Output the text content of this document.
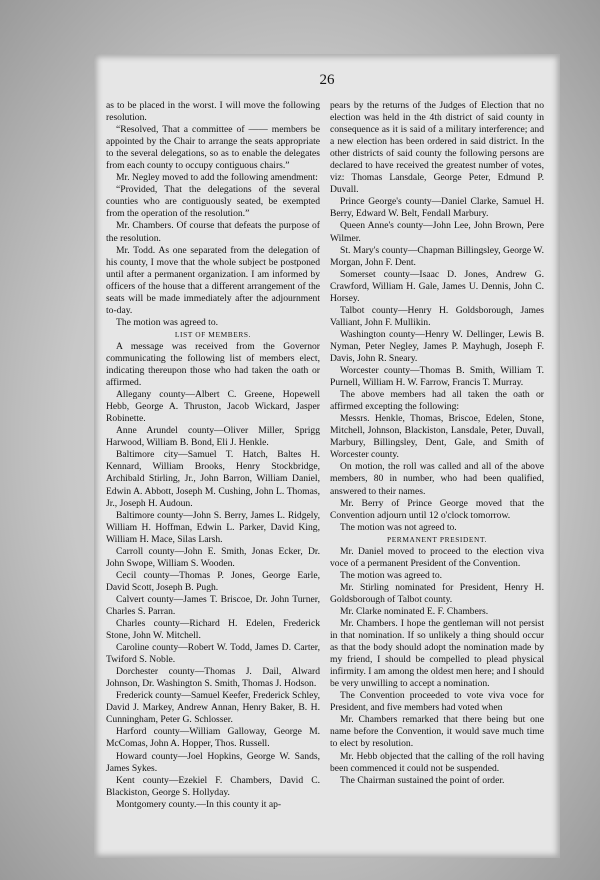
26

as to be placed in the worst. I will move the following resolution.

“Resolved, That a committee of —— members be appointed by the Chair to arrange the seats appropriate to the several delegations, so as to enable the delegates from each county to occupy contiguous chairs.”

Mr. Negley moved to add the following amendment:

“Provided, That the delegations of the several counties who are contiguously seated, be exempted from the operation of the resolution.”

Mr. Chambers. Of course that defeats the purpose of the resolution.

Mr. Todd. As one separated from the delegation of his county, I move that the whole subject be postponed until after a permanent organization. I am informed by officers of the house that a different arrangement of the seats will be made immediately after the adjournment to-day.

The motion was agreed to.

LIST OF MEMBERS.

A message was received from the Governor communicating the following list of members elect, indicating thereupon those who had taken the oath or affirmed.

Allegany county—Albert C. Greene, Hopewell Hebb, George A. Thruston, Jacob Wickard, Jasper Robinette.

Anne Arundel county—Oliver Miller, Sprigg Harwood, William B. Bond, Eli J. Henkle.

Baltimore city—Samuel T. Hatch, Baltes H. Kennard, William Brooks, Henry Stockbridge, Archibald Stirling, Jr., John Barron, William Daniel, Edwin A. Abbott, Joseph M. Cushing, John L. Thomas, Jr., Joseph H. Audoun.

Baltimore county—John S. Berry, James L. Ridgely, William H. Hoffman, Edwin L. Parker, David King, William H. Mace, Silas Larsh.

Carroll county—John E. Smith, Jonas Ecker, Dr. John Swope, William S. Wooden.

Cecil county—Thomas P. Jones, George Earle, David Scott, Joseph B. Pugh.

Calvert county—James T. Briscoe, Dr. John Turner, Charles S. Parran.

Charles county—Richard H. Edelen, Frederick Stone, John W. Mitchell.

Caroline county—Robert W. Todd, James D. Carter, Twiford S. Noble.

Dorchester county—Thomas J. Dail, Alward Johnson, Dr. Washington S. Smith, Thomas J. Hodson.

Frederick county—Samuel Keefer, Frederick Schley, David J. Markey, Andrew Annan, Henry Baker, B. H. Cunningham, Peter G. Schlosser.

Harford county—William Galloway, George M. McComas, John A. Hopper, Thos. Russell.

Howard county—Joel Hopkins, George W. Sands, James Sykes.

Kent county—Ezekiel F. Chambers, David C. Blackiston, George S. Hollyday.

Montgomery county.—In this county it ap-

pears by the returns of the Judges of Election that no election was held in the 4th district of said county in consequence as it is said of a military interference; and a new election has been ordered in said district. In the other districts of said county the following persons are declared to have received the greatest number of votes, viz: Thomas Lansdale, George Peter, Edmund P. Duvall.

Prince George's county—Daniel Clarke, Samuel H. Berry, Edward W. Belt, Fendall Marbury.

Queen Anne's county—John Lee, John Brown, Pere Wilmer.

St. Mary's county—Chapman Billingsley, George W. Morgan, John F. Dent.

Somerset county—Isaac D. Jones, Andrew G. Crawford, William H. Gale, James U. Dennis, John C. Horsey.

Talbot county—Henry H. Goldsborough, James Valliant, John F. Mullikin.

Washington county—Henry W. Dellinger, Lewis B. Nyman, Peter Negley, James P. Mayhugh, Joseph F. Davis, John R. Sneary.

Worcester county—Thomas B. Smith, William T. Purnell, William H. W. Farrow, Francis T. Murray.

The above members had all taken the oath or affirmed excepting the following:

Messrs. Henkle, Thomas, Briscoe, Edelen, Stone, Mitchell, Johnson, Blackiston, Lansdale, Peter, Duvall, Marbury, Billingsley, Dent, Gale, and Smith of Worcester county.

On motion, the roll was called and all of the above members, 80 in number, who had been qualified, answered to their names.

Mr. Berry of Prince George moved that the Convention adjourn until 12 o'clock tomorrow.

The motion was not agreed to.

PERMANENT PRESIDENT.

Mr. Daniel moved to proceed to the election viva voce of a permanent President of the Convention.

The motion was agreed to.

Mr. Stirling nominated for President, Henry H. Goldsborough of Talbot county.

Mr. Clarke nominated E. F. Chambers.

Mr. Chambers. I hope the gentleman will not persist in that nomination. If so unlikely a thing should occur as that the body should adopt the nomination made by my friend, I should be compelled to plead physical infirmity. I am among the oldest men here; and I should be very unwilling to accept a nomination.

The Convention proceeded to vote viva voce for President, and five members had voted when

Mr. Chambers remarked that there being but one name before the Convention, it would save much time to elect by resolution.

Mr. Hebb objected that the calling of the roll having been commenced it could not be suspended.

The Chairman sustained the point of order.
